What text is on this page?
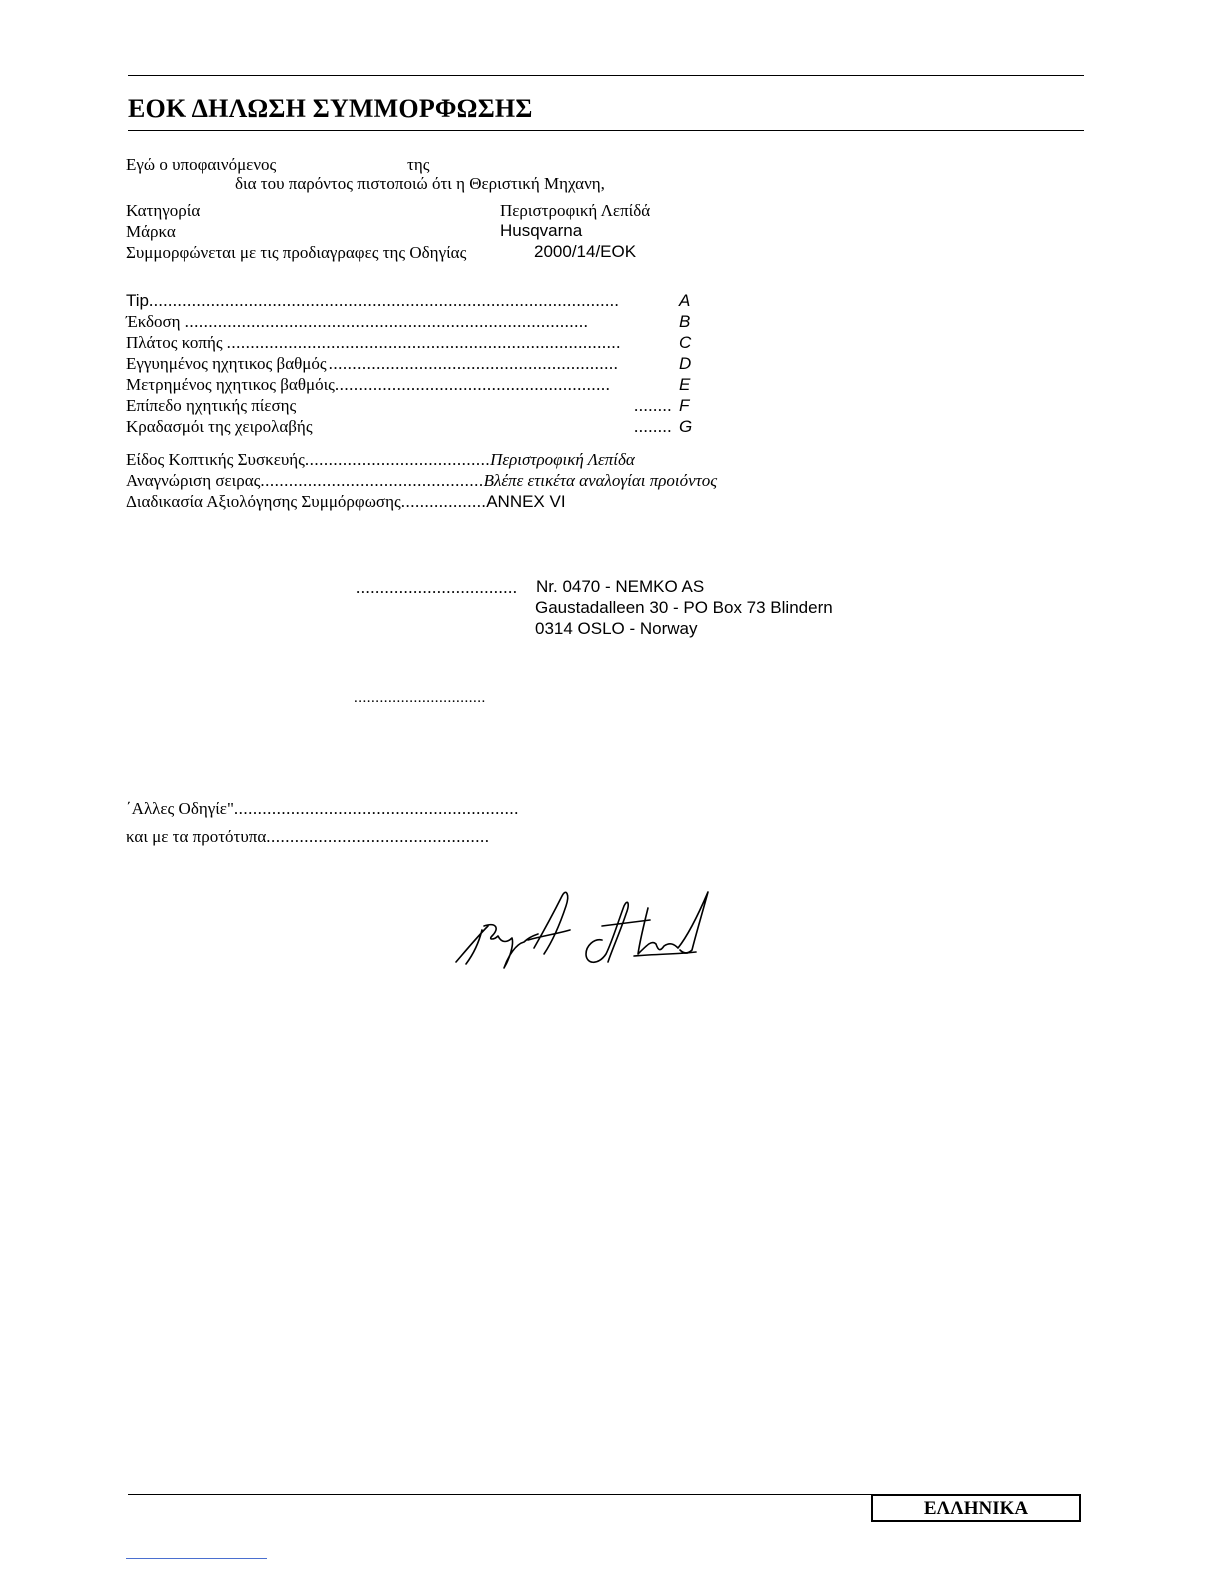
ΕΟΚ ΔΗΛΩΣΗ ΣΥΜΜΟΡΦΩΣΗΣ
Εγώ ο υποφαινόμενος	της
δια του παρόντος πιστοποιώ ότι η Θεριστική Μηχανη,
Κατηγορία	Περιστροφική Λεπίδά
Μάρκα	Husqvarna
Συμμορφώνεται με τις προδιαγραφες της Οδηγίας	2000/14/EOK
Tip...................................................................................................	A
Έκδοση .....................................................................................	B
Πλάτος κοπής ...................................................................................	C
Εγγυημένος ηχητικος βαθμός .............................................................	D
Μετρημένος ηχητικος βαθμόις..........................................................	E
Επίπεδο ηχητικής πίεσης	........ F
Κραδασμόι της χειρολαβής	........ G
Είδος Κοπτικής Συσκευής.......................................Περιστροφική Λεπίδα
Αναγνώριση σειρας...............................................Βλέπε ετικέτα αναλογίαι προιόντος
Διαδικασία Αξιολόγησης Συμμόρφωσης..................ANNEX VI
.................................. Nr. 0470 - NEMKO AS
Gaustadalleen 30 - PO Box 73 Blindern
0314 OSLO - Norway
...............................
΄Αλλες Οδηγίε"............................................................
και με τα προτότυπα...............................................
ΕΛΛΗΝΙΚΑ
